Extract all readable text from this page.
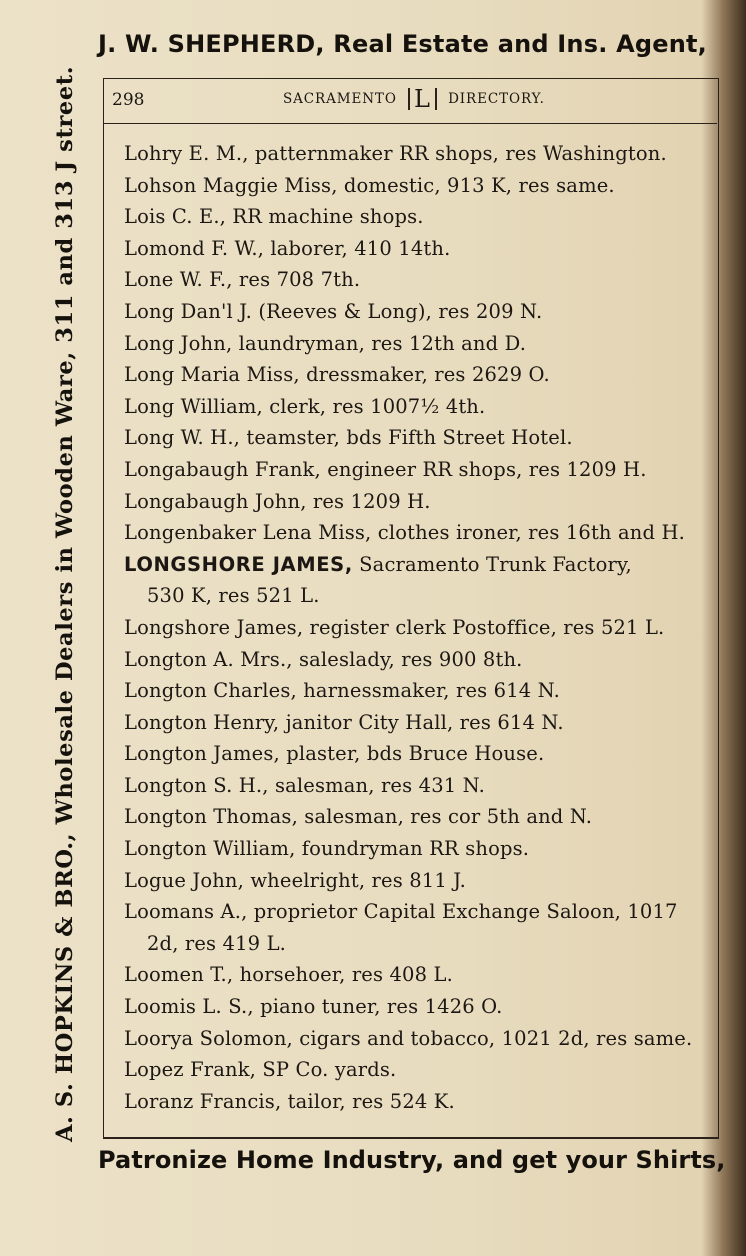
J. W. SHEPHERD, Real Estate and Ins. Agent,
A. S. HOPKINS & BRO., Wholesale Dealers in Wooden Ware, 311 and 313 J street. 298	SACRAMENTO L DIRECTORY.
Lohry E. M., patternmaker RR shops, res Washington.
Lohson Maggie Miss, domestic, 913 K, res same.
Lois C. E., RR machine shops.
Lomond F. W., laborer, 410 14th.
Lone W. F., res 708 7th.
Long Dan'l J. (Reeves & Long), res 209 N.
Long John, laundryman, res 12th and D.
Long Maria Miss, dressmaker, res 2629 O.
Long William, clerk, res 1007½ 4th.
Long W. H., teamster, bds Fifth Street Hotel.
Longabaugh Frank, engineer RR shops, res 1209 H.
Longabaugh John, res 1209 H.
Longenbaker Lena Miss, clothes ironer, res 16th and H.
LONGSHORE JAMES, Sacramento Trunk Factory,
530 K, res 521 L.
Longshore James, register clerk Postoffice, res 521 L.
Longton A. Mrs., saleslady, res 900 8th.
Longton Charles, harnessmaker, res 614 N.
Longton Henry, janitor City Hall, res 614 N.
Longton James, plaster, bds Bruce House.
Longton S. H., salesman, res 431 N.
Longton Thomas, salesman, res cor 5th and N.
Longton William, foundryman RR shops.
Logue John, wheelright, res 811 J.
Loomans A., proprietor Capital Exchange Saloon, 1017
2d, res 419 L.
Loomen T., horsehoer, res 408 L.
Loomis L. S., piano tuner, res 1426 O.
Loorya Solomon, cigars and tobacco, 1021 2d, res same.
Lopez Frank, SP Co. yards.
Loranz Francis, tailor, res 524 K.
Patronize Home Industry, and get your Shirts,
